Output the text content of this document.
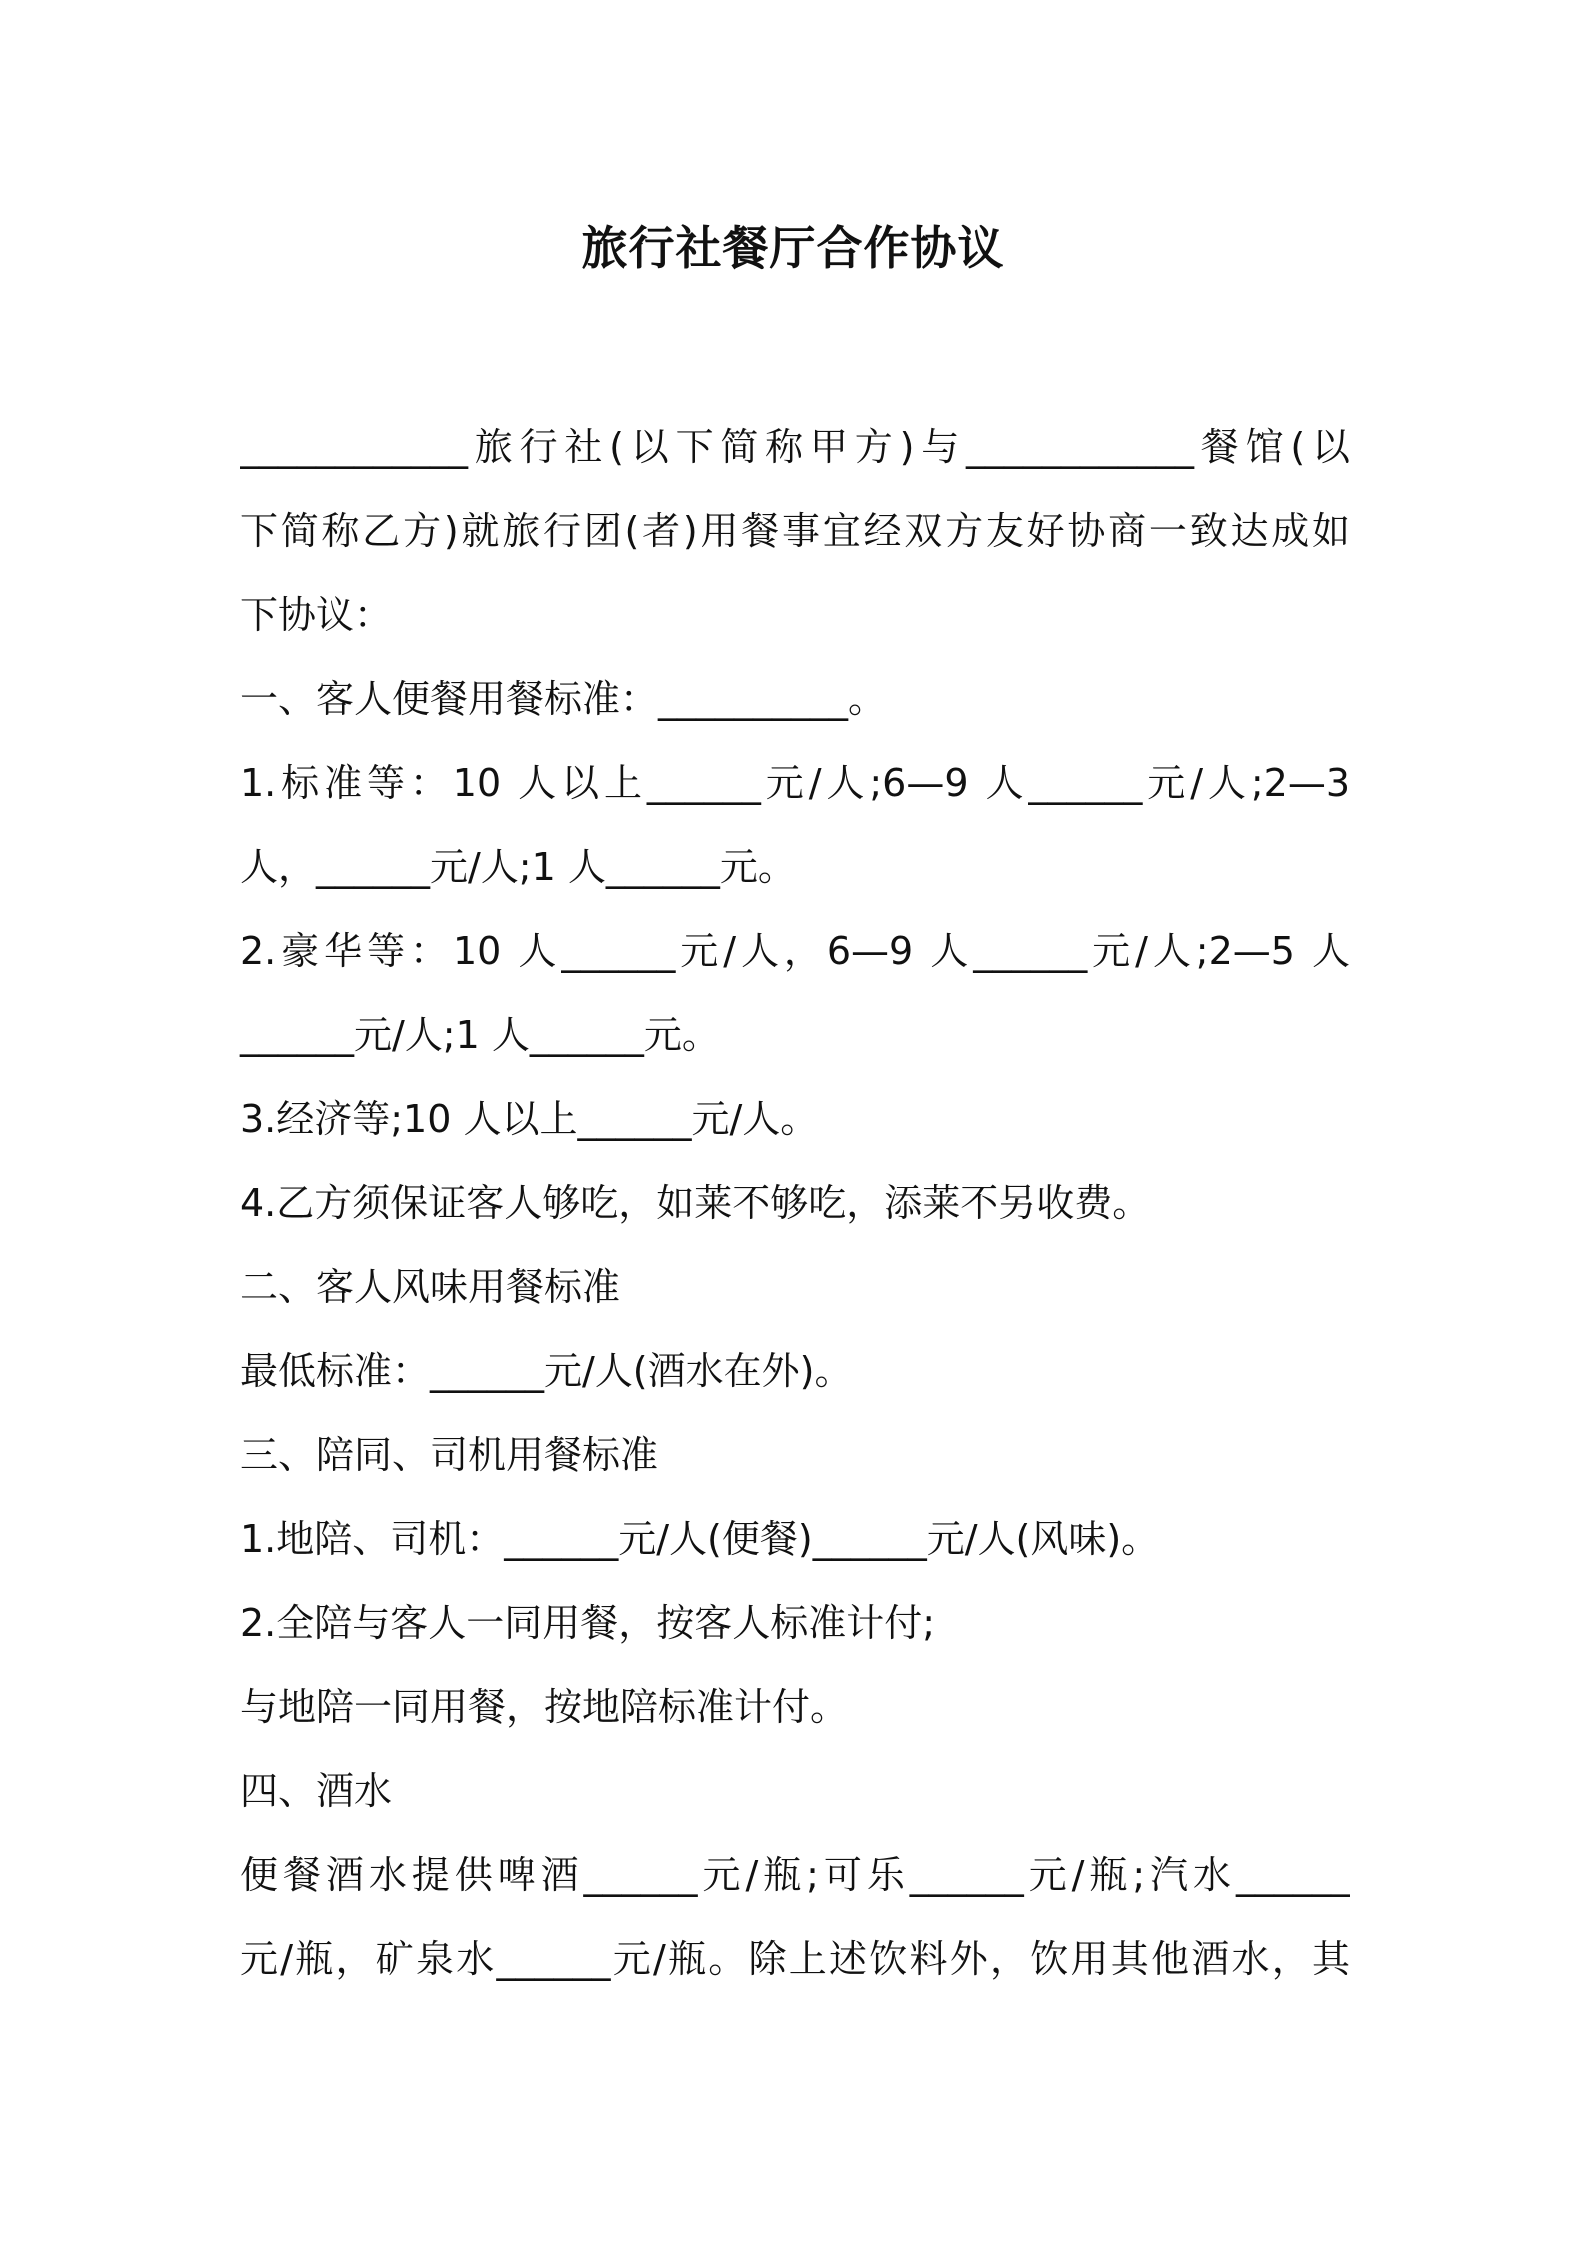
旅行社餐厅合作协议
____________旅行社(以下简称甲方)与____________餐馆(以
下简称乙方)就旅行团(者)用餐事宜经双方友好协商一致达成如
下协议：
一、客人便餐用餐标准：__________。
1.标准等：10 人以上______元/人;6—9 人______元/人;2—3
人，______元/人;1 人______元。
2.豪华等：10 人______元/人，6—9 人______元/人;2—5 人
______元/人;1 人______元。
3.经济等;10 人以上______元/人。
4.乙方须保证客人够吃，如莱不够吃，添莱不另收费。
二、客人风味用餐标准
最低标准：______元/人(酒水在外)。
三、陪同、司机用餐标准
1.地陪、司机：______元/人(便餐)______元/人(风味)。
2.全陪与客人一同用餐，按客人标准计付;
与地陪一同用餐，按地陪标准计付。
四、酒水
便餐酒水提供啤酒______元/瓶;可乐______元/瓶;汽水______
元/瓶，矿泉水______元/瓶。除上述饮料外，饮用其他酒水，其
